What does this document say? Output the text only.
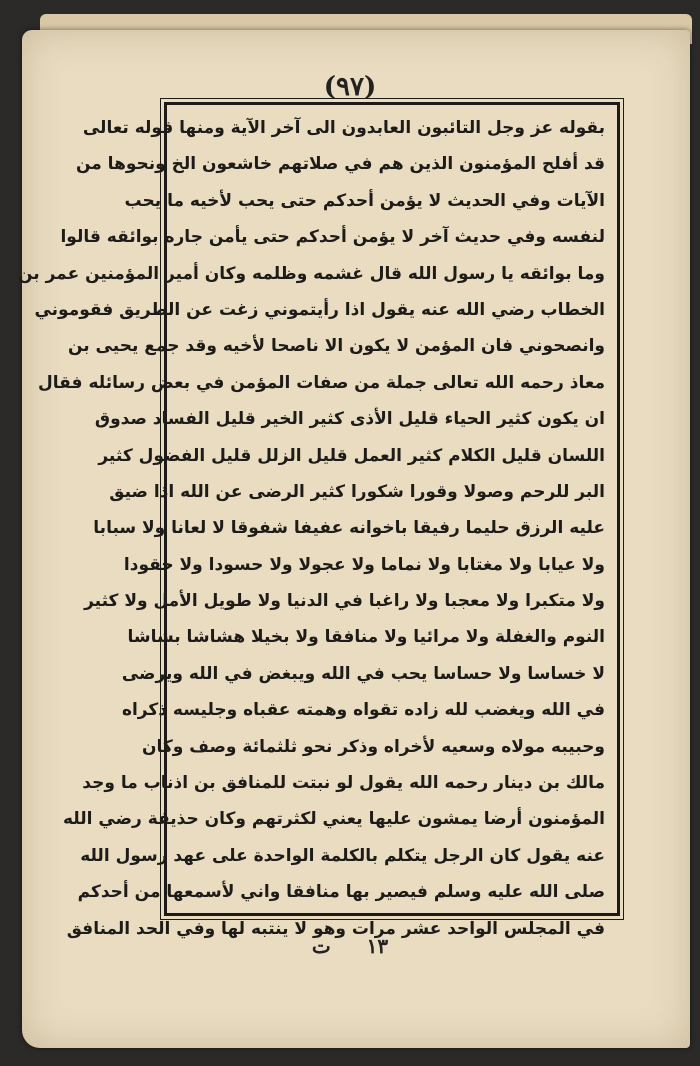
(٩٧)
بقوله عز وجل التائبون العابدون الى آخر الآية ومنها قوله تعالى
قد أفلح المؤمنون الذين هم في صلاتهم خاشعون الخ ونحوها من
الآيات وفي الحديث لا يؤمن أحدكم حتى يحب لأخيه ما يحب
لنفسه وفي حديث آخر لا يؤمن أحدكم حتى يأمن جاره بوائقه قالوا
وما بوائقه يا رسول الله قال غشمه وظلمه وكان أمير المؤمنين عمر بن
الخطاب رضي الله عنه يقول اذا رأيتموني زغت عن الطريق فقوموني
وانصحوني فان المؤمن لا يكون الا ناصحا لأخيه وقد جمع يحيى بن
معاذ رحمه الله تعالى جملة من صفات المؤمن في بعض رسائله فقال
ان يكون كثير الحياء قليل الأذى كثير الخير قليل الفساد صدوق
اللسان قليل الكلام كثير العمل قليل الزلل قليل الفضول كثير
البر للرحم وصولا وقورا شكورا كثير الرضى عن الله اذا ضيق
عليه الرزق حليما رفيقا باخوانه عفيفا شفوقا لا لعانا ولا سبابا
ولا عيابا ولا مغتابا ولا نماما ولا عجولا ولا حسودا ولا حقودا
ولا متكبرا ولا معجبا ولا راغبا في الدنيا ولا طويل الأمل ولا كثير
النوم والغفلة ولا مرائيا ولا منافقا ولا بخيلا هشاشا بشاشا
لا خساسا ولا حساسا يحب في الله ويبغض في الله ويرضى
في الله ويغضب لله زاده تقواه وهمته عقباه وجليسه ذكراه
وحبيبه مولاه وسعيه لأخراه وذكر نحو ثلثمائة وصف وكان
مالك بن دينار رحمه الله يقول لو نبتت للمنافق بن اذناب ما وجد
المؤمنون أرضا يمشون عليها يعني لكثرتهم وكان حذيفة رضي الله
عنه يقول كان الرجل يتكلم بالكلمة الواحدة على عهد رسول الله
صلى الله عليه وسلم فيصير بها منافقا واني لأسمعها من أحدكم
في المجلس الواحد عشر مرات وهو لا ينتبه لها وفي الحد المنافق
١٣
ت
